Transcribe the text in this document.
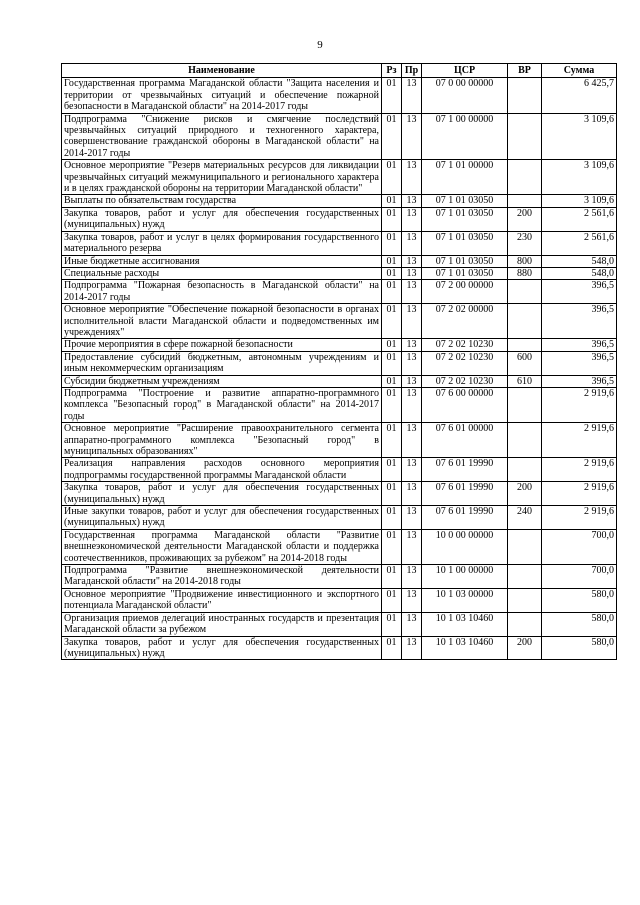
9
Наименование	Рз	Пр	ЦСР	ВР	Сумма
Государственная программа Магаданской области "Защита населения и территории от чрезвычайных ситуаций и обеспечение пожарной безопасности в Магаданской области" на 2014-2017 годы	01	13	07 0 00 00000		6 425,7
Подпрограмма "Снижение рисков и смягчение последствий чрезвычайных ситуаций природного и техногенного характера, совершенствование гражданской обороны в Магаданской области" на 2014-2017 годы	01	13	07 1 00 00000		3 109,6
Основное мероприятие "Резерв материальных ресурсов для ликвидации чрезвычайных ситуаций межмуниципального и регионального характера и в целях гражданской обороны на территории Магаданской области"	01	13	07 1 01 00000		3 109,6
Выплаты по обязательствам государства	01	13	07 1 01 03050		3 109,6
Закупка товаров, работ и услуг для обеспечения государственных (муниципальных) нужд	01	13	07 1 01 03050	200	2 561,6
Закупка товаров, работ и услуг в целях формирования государственного материального резерва	01	13	07 1 01 03050	230	2 561,6
Иные бюджетные ассигнования	01	13	07 1 01 03050	800	548,0
Специальные расходы	01	13	07 1 01 03050	880	548,0
Подпрограмма "Пожарная безопасность в Магаданской области" на 2014-2017 годы	01	13	07 2 00 00000		396,5
Основное мероприятие "Обеспечение пожарной безопасности в органах исполнительной власти Магаданской области и подведомственных им учреждениях"	01	13	07 2 02 00000		396,5
Прочие мероприятия в сфере пожарной безопасности	01	13	07 2 02 10230		396,5
Предоставление субсидий бюджетным, автономным учреждениям и иным некоммерческим организациям	01	13	07 2 02 10230	600	396,5
Субсидии бюджетным учреждениям	01	13	07 2 02 10230	610	396,5
Подпрограмма "Построение и развитие аппаратно-программного комплекса "Безопасный город" в Магаданской области" на 2014-2017 годы	01	13	07 6 00 00000		2 919,6
Основное мероприятие "Расширение правоохранительного сегмента аппаратно-программного комплекса "Безопасный город" в муниципальных образованиях"	01	13	07 6 01 00000		2 919,6
Реализация направления расходов основного мероприятия подпрограммы государственной программы Магаданской области	01	13	07 6 01 19990		2 919,6
Закупка товаров, работ и услуг для обеспечения государственных (муниципальных) нужд	01	13	07 6 01 19990	200	2 919,6
Иные закупки товаров, работ и услуг для обеспечения государственных (муниципальных) нужд	01	13	07 6 01 19990	240	2 919,6
Государственная программа Магаданской области "Развитие внешнеэкономической деятельности Магаданской области и поддержка соотечественников, проживающих за рубежом" на 2014-2018 годы	01	13	10 0 00 00000		700,0
Подпрограмма "Развитие внешнеэкономической деятельности Магаданской области" на 2014-2018 годы	01	13	10 1 00 00000		700,0
Основное мероприятие "Продвижение инвестиционного и экспортного потенциала Магаданской области"	01	13	10 1 03 00000		580,0
Организация приемов делегаций иностранных государств и презентация Магаданской области за рубежом	01	13	10 1 03 10460		580,0
Закупка товаров, работ и услуг для обеспечения государственных (муниципальных) нужд	01	13	10 1 03 10460	200	580,0
